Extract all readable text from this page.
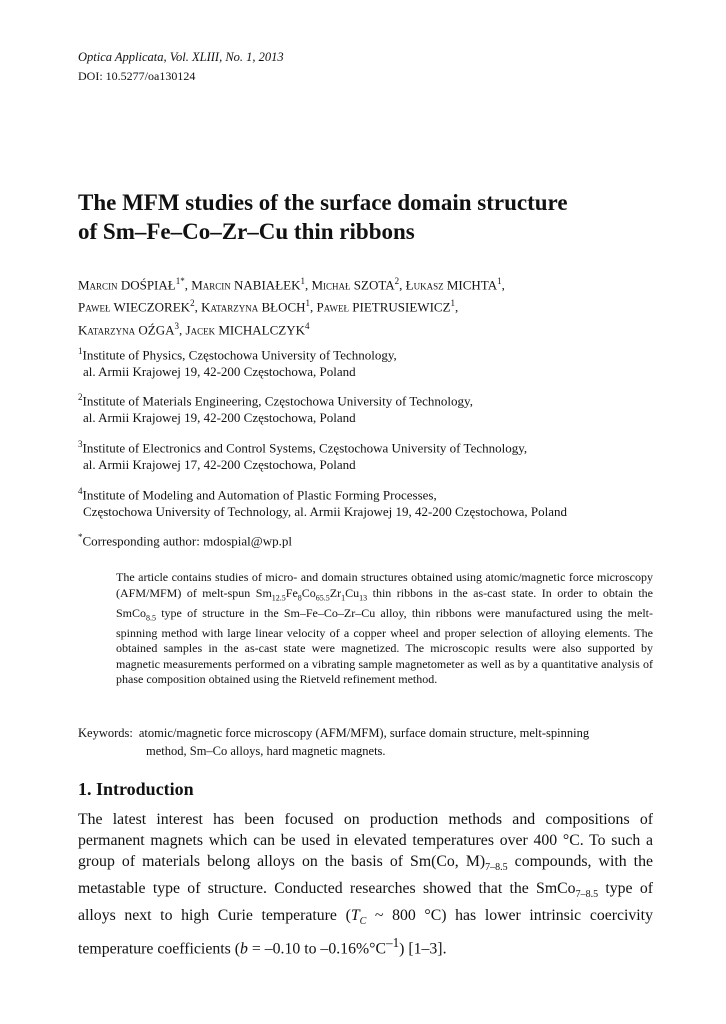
Optica Applicata, Vol. XLIII, No. 1, 2013
DOI: 10.5277/oa130124
The MFM studies of the surface domain structure
of Sm–Fe–Co–Zr–Cu thin ribbons
Marcin $DOŚPIAŁ^{1*}$, Marcin NABIAŁEK$^1$, Michał SZOTA$^2$, Łukasz MICHTA$^1$,
Paweł WIECZOREK$^2$, Katarzyna BŁOCH$^1$, Paweł PIETRUSIEWICZ$^1$,
Katarzyna OŹGA$^3$, Jacek MICHALCZYK$^4$
$^1$Institute of Physics, Częstochowa University of Technology,
al. Armii Krajowej 19, 42-200 Częstochowa, Poland
$^2$Institute of Materials Engineering, Częstochowa University of Technology,
al. Armii Krajowej 19, 42-200 Częstochowa, Poland
$^3$Institute of Electronics and Control Systems, Częstochowa University of Technology,
al. Armii Krajowej 17, 42-200 Częstochowa, Poland
$^4$Institute of Modeling and Automation of Plastic Forming Processes,
Częstochowa University of Technology, al. Armii Krajowej 19, 42-200 Częstochowa, Poland
*Corresponding author: mdospial@wp.pl
The article contains studies of micro- and domain structures obtained using atomic/magnetic force microscopy (AFM/MFM) of melt-spun $Sm_{12.5}Fe_8Co_{65.5}Zr_1Cu_{13}$ thin ribbons in the as-cast state. In order to obtain the SmCo$_{8.5}$ type of structure in the Sm–Fe–Co–Zr–Cu alloy, thin ribbons were manufactured using the melt-spinning method with large linear velocity of a copper wheel and proper selection of alloying elements. The obtained samples in the as-cast state were magnetized. The microscopic results were also supported by magnetic measurements performed on a vibrating sample magnetometer as well as by a quantitative analysis of phase composition obtained using the Rietveld refinement method.
Keywords: atomic/magnetic force microscopy (AFM/MFM), surface domain structure, melt-spinning
method, Sm–Co alloys, hard magnetic magnets.
1. Introduction
The latest interest has been focused on production methods and compositions of permanent magnets which can be used in elevated temperatures over 400 °C. To such a group of materials belong alloys on the basis of Sm(Co, $M)_{7-8.5}$ compounds, with the metastable type of structure. Conducted researches showed that the SmCo$_{7-8.5}$ type of alloys next to high Curie temperature ($T_C$ ~ 800 °C) has lower intrinsic coercivity temperature coefficients (b = –0.10 to $-0.16\%^\circ C^{-1}$) [1–3].
